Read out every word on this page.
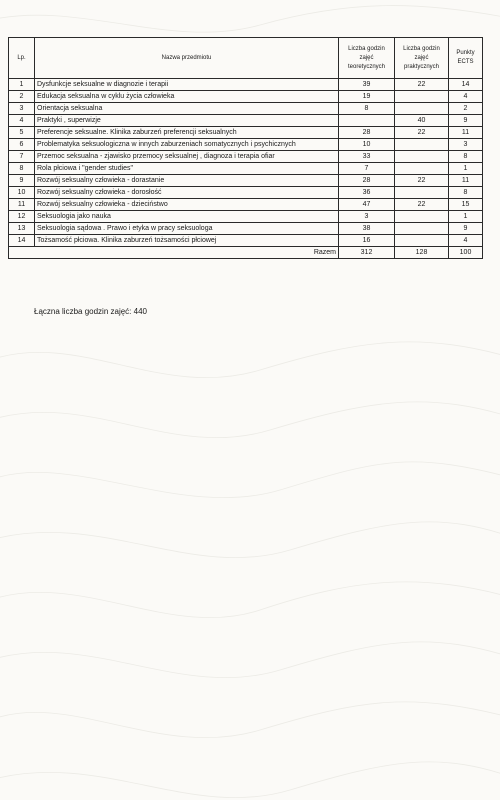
Lp.	Nazwa przedmiotu	Liczba godzin zajęć teoretycznych	Liczba godzin zajęć praktycznych	Punkty ECTS
1	Dysfunkcje seksualne w diagnozie i terapii	39	22	14
2	Edukacja seksualna w cyklu życia człowieka	19		4
3	Orientacja seksualna	8		2
4	Praktyki , superwizje		40	9
5	Preferencje seksualne. Klinika zaburzeń preferencji seksualnych	28	22	11
6	Problematyka seksuologiczna w innych zaburzeniach somatycznych i psychicznych	10		3
7	Przemoc seksualna - zjawisko przemocy seksualnej , diagnoza i terapia ofiar	33		8
8	Rola płciowa i "gender studies"	7		1
9	Rozwój seksualny człowieka - dorastanie	28	22	11
10	Rozwój seksualny człowieka - dorosłość	36		8
11	Rozwój seksualny człowieka - dzieciństwo	47	22	15
12	Seksuologia jako nauka	3		1
13	Seksuologia sądowa . Prawo i etyka w pracy seksuologa	38		9
14	Tożsamość płciowa. Klinika zaburzeń tożsamości płciowej	16		4
Razem		312	128	100
Łączna liczba godzin zajęć: 440
